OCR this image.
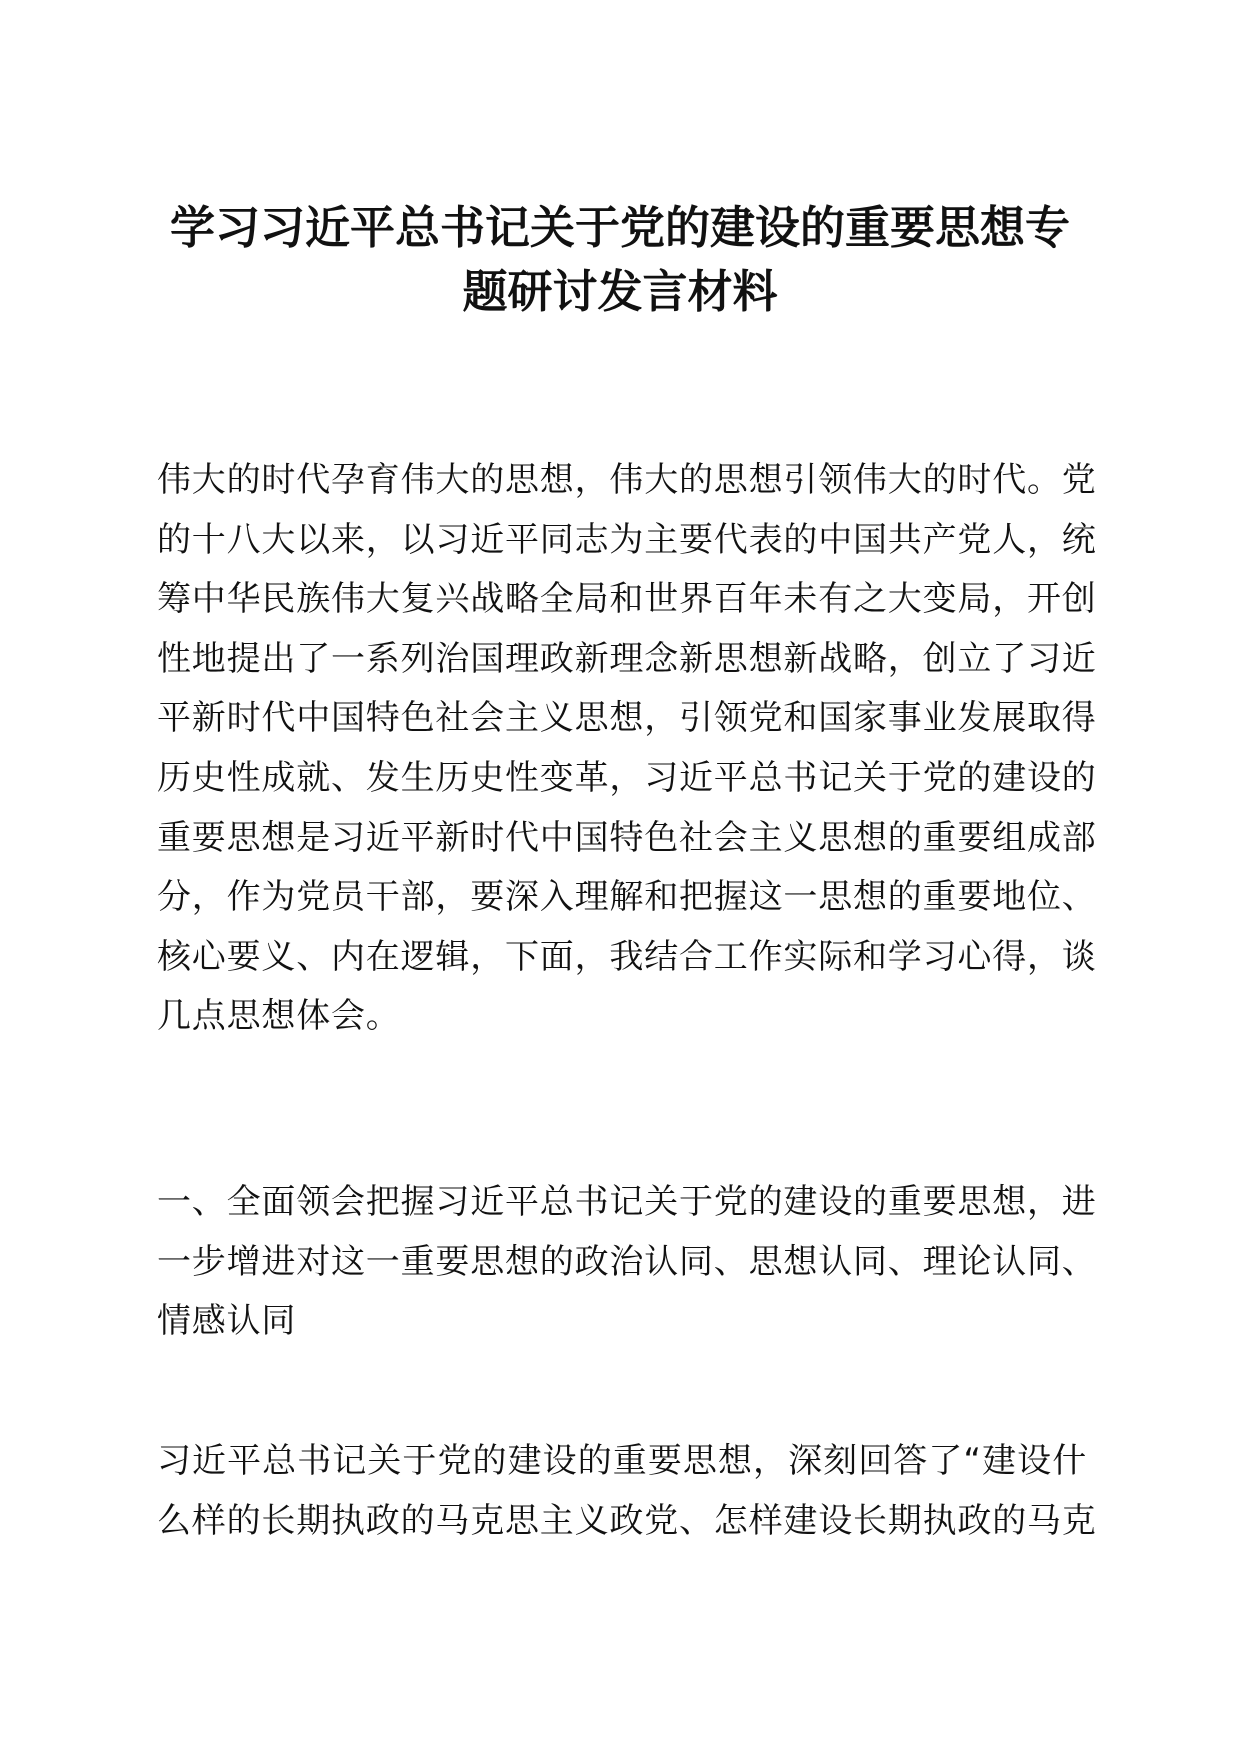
学习习近平总书记关于党的建设的重要思想专
题研讨发言材料
伟大的时代孕育伟大的思想，伟大的思想引领伟大的时代。党
的十八大以来，以习近平同志为主要代表的中国共产党人，统
筹中华民族伟大复兴战略全局和世界百年未有之大变局，开创
性地提出了一系列治国理政新理念新思想新战略，创立了习近
平新时代中国特色社会主义思想，引领党和国家事业发展取得
历史性成就、发生历史性变革，习近平总书记关于党的建设的
重要思想是习近平新时代中国特色社会主义思想的重要组成部
分，作为党员干部，要深入理解和把握这一思想的重要地位、
核心要义、内在逻辑，下面，我结合工作实际和学习心得，谈
几点思想体会。
一、全面领会把握习近平总书记关于党的建设的重要思想，进
一步增进对这一重要思想的政治认同、思想认同、理论认同、
情感认同
习近平总书记关于党的建设的重要思想，深刻回答了“建设什
么样的长期执政的马克思主义政党、怎样建设长期执政的马克
